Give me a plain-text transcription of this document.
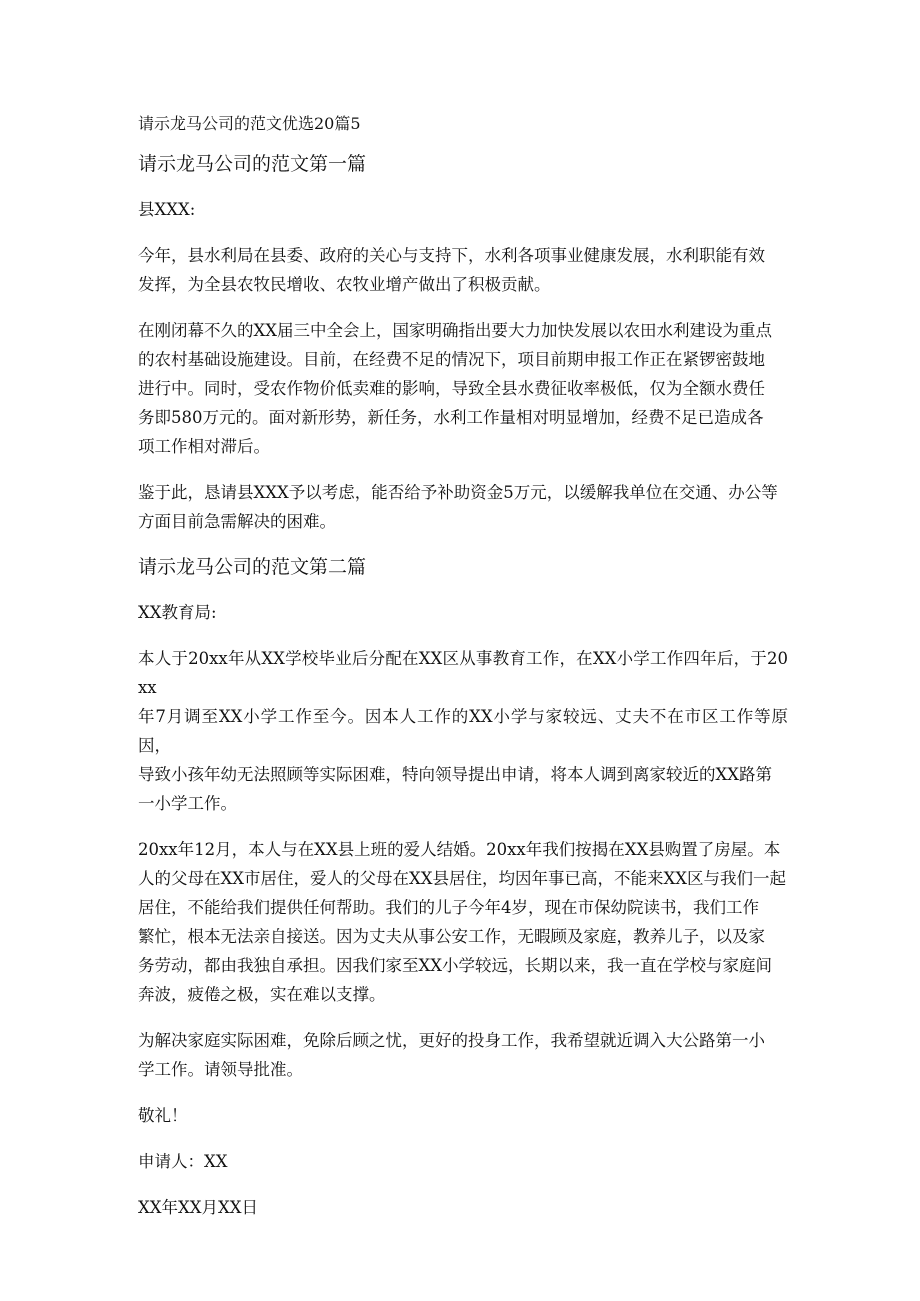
请示龙马公司的范文优选20篇5
请示龙马公司的范文第一篇

县XXX:

今年，县水利局在县委、政府的关心与支持下，水利各项事业健康发展，水利职能有效
发挥，为全县农牧民增收、农牧业增产做出了积极贡献。

在刚闭幕不久的XX届三中全会上，国家明确指出要大力加快发展以农田水利建设为重点
的农村基础设施建设。目前，在经费不足的情况下，项目前期申报工作正在紧锣密鼓地
进行中。同时，受农作物价低卖难的影响，导致全县水费征收率极低，仅为全额水费任
务即580万元的。面对新形势，新任务，水利工作量相对明显增加，经费不足已造成各
项工作相对滞后。

鉴于此，恳请县XXX予以考虑，能否给予补助资金5万元，以缓解我单位在交通、办公等
方面目前急需解决的困难。

请示龙马公司的范文第二篇

XX教育局:

本人于20xx年从XX学校毕业后分配在XX区从事教育工作，在XX小学工作四年后，于20xx
年7月调至XX小学工作至今。因本人工作的XX小学与家较远、丈夫不在市区工作等原因，
导致小孩年幼无法照顾等实际困难，特向领导提出申请，将本人调到离家较近的XX路第
一小学工作。

20xx年12月，本人与在XX县上班的爱人结婚。20xx年我们按揭在XX县购置了房屋。本
人的父母在XX市居住，爱人的父母在XX县居住，均因年事已高，不能来XX区与我们一起
居住，不能给我们提供任何帮助。我们的儿子今年4岁，现在市保幼院读书，我们工作
繁忙，根本无法亲自接送。因为丈夫从事公安工作，无暇顾及家庭，教养儿子，以及家
务劳动，都由我独自承担。因我们家至XX小学较远，长期以来，我一直在学校与家庭间
奔波，疲倦之极，实在难以支撑。

为解决家庭实际困难，免除后顾之忧，更好的投身工作，我希望就近调入大公路第一小
学工作。请领导批准。

敬礼！

申请人：XX

XX年XX月XX日
